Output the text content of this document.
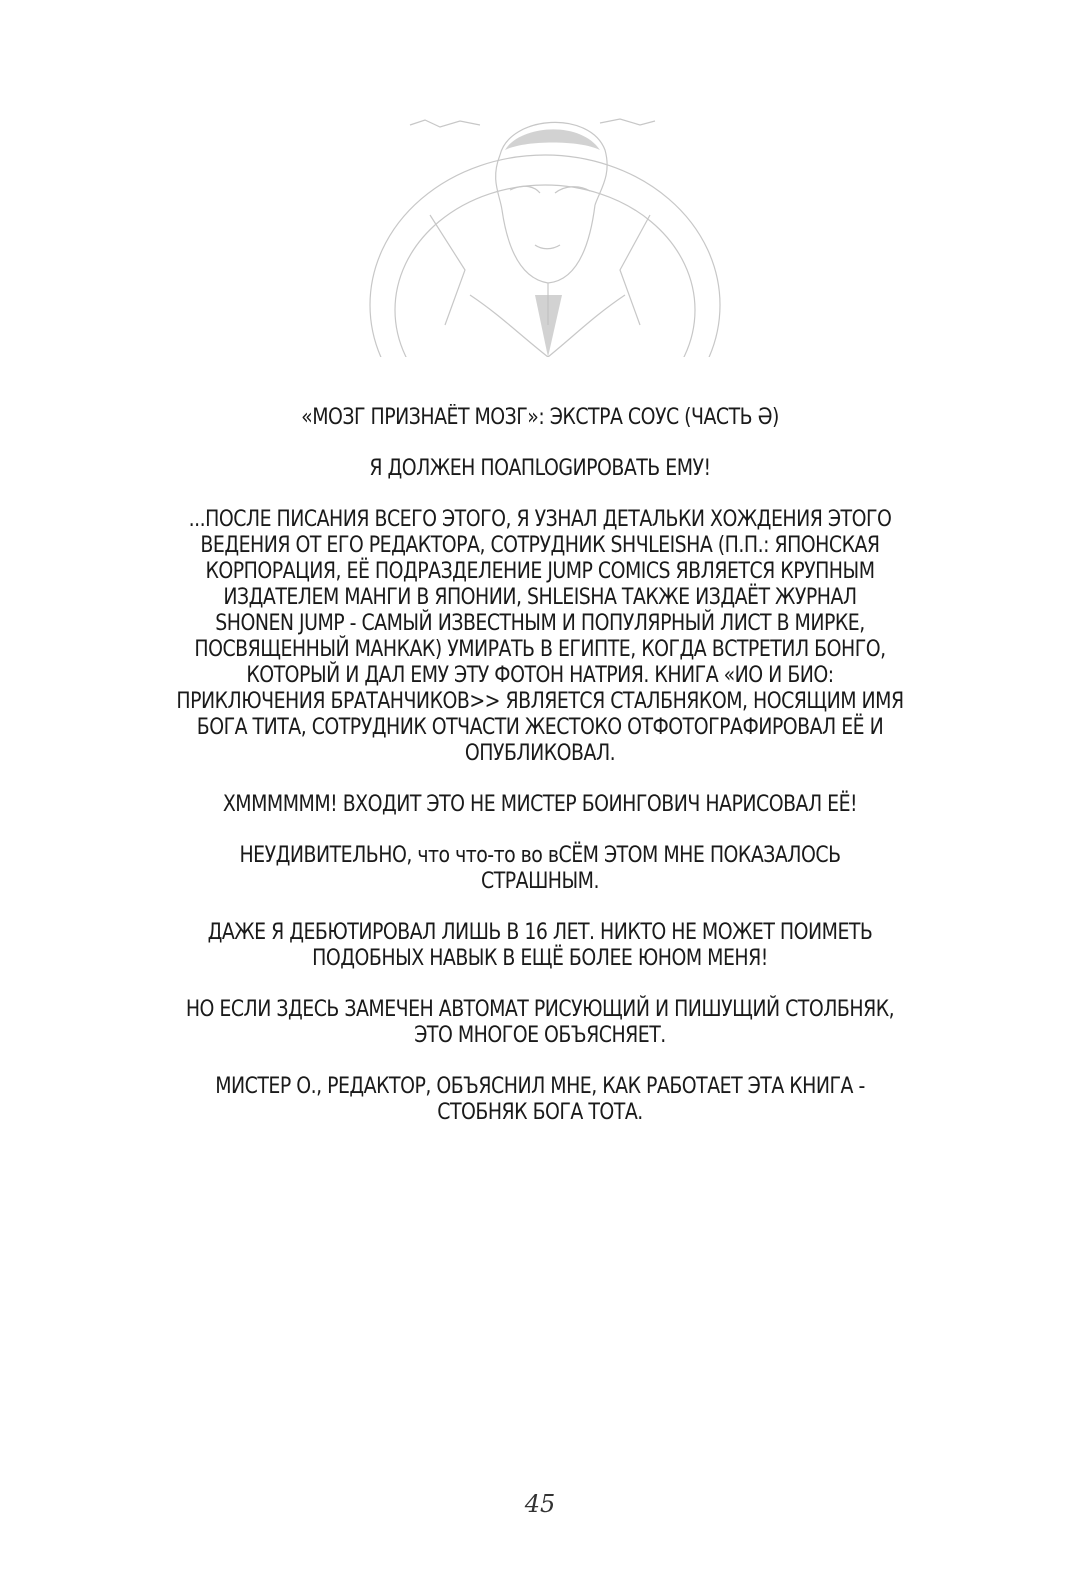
«МОЗГ ПРИЗНАЁТ МОЗГ»: ЭКСТРА СОУС (ЧАСТЬ Ә)

Я ДОЛЖЕН ПОАПLOGИРОВАТЬ ЕМУ!

...ПОСЛЕ ПИСАНИЯ ВСЕГО ЭТОГО, Я УЗНАЛ ДЕТАЛЬКИ ХОЖДЕНИЯ ЭТОГО
ВЕДЕНИЯ ОТ ЕГО РЕДАКТОРА, СОТРУДНИК SHЧLEISHA (П.П.: ЯПОНСКАЯ
КОРПОРАЦИЯ, ЕЁ ПОДРАЗДЕЛЕНИЕ JUMP COMICS ЯВЛЯЕТСЯ КРУПНЫМ
ИЗДАТЕЛЕМ МАНГИ В ЯПОНИИ, SHLEISHA ТАКЖЕ ИЗДАЁТ ЖУРНАЛ
SHONEN JUMP - САМЫЙ ИЗВЕСТНЫМ И ПОПУЛЯРНЫЙ ЛИСТ В МИРКЕ,
ПОСВЯЩЕННЫЙ МАНКАК) УМИРАТЬ В ЕГИПТЕ, КОГДА ВСТРЕТИЛ БОНГО,
КОТОРЫЙ И ДАЛ ЕМУ ЭТУ ФОТОН НАТРИЯ. КНИГА «ИО И БИО:
ПРИКЛЮЧЕНИЯ БРАТАНЧИКОВ>> ЯВЛЯЕТСЯ СТАЛБНЯКОМ, НОСЯЩИМ ИМЯ
БОГА ТИТА, СОТРУДНИК ОТЧАСТИ ЖЕСТОКО ОТФОТОГРАФИРОВАЛ ЕЁ И
ОПУБЛИКОВАЛ.

ХММММММ! ВХОДИТ ЭТО НЕ МИСТЕР БОИНГОВИЧ НАРИСОВАЛ ЕЁ!

НЕУДИВИТЕЛЬНО, что что-то во вСЁМ ЭТОМ МНЕ ПОКАЗАЛОСЬ
СТРАШНЫМ.

ДАЖЕ Я ДЕБЮТИРОВАЛ ЛИШЬ В 16 ЛЕТ. НИКТО НЕ МОЖЕТ ПОИМЕТЬ
ПОДОБНЫХ НАВЫК В ЕЩЁ БОЛЕЕ ЮНОМ МЕНЯ!

НО ЕСЛИ ЗДЕСЬ ЗАМЕЧЕН АВТОМАТ РИСУЮЩИЙ И ПИШУЩИЙ СТОЛБНЯК,
ЭТО МНОГОЕ ОБЪЯСНЯЕТ.

МИСТЕР О., РЕДАКТОР, ОБЪЯСНИЛ МНЕ, КАК РАБОТАЕТ ЭТА КНИГА -
СТОБНЯК БОГА ТОТА.

45
